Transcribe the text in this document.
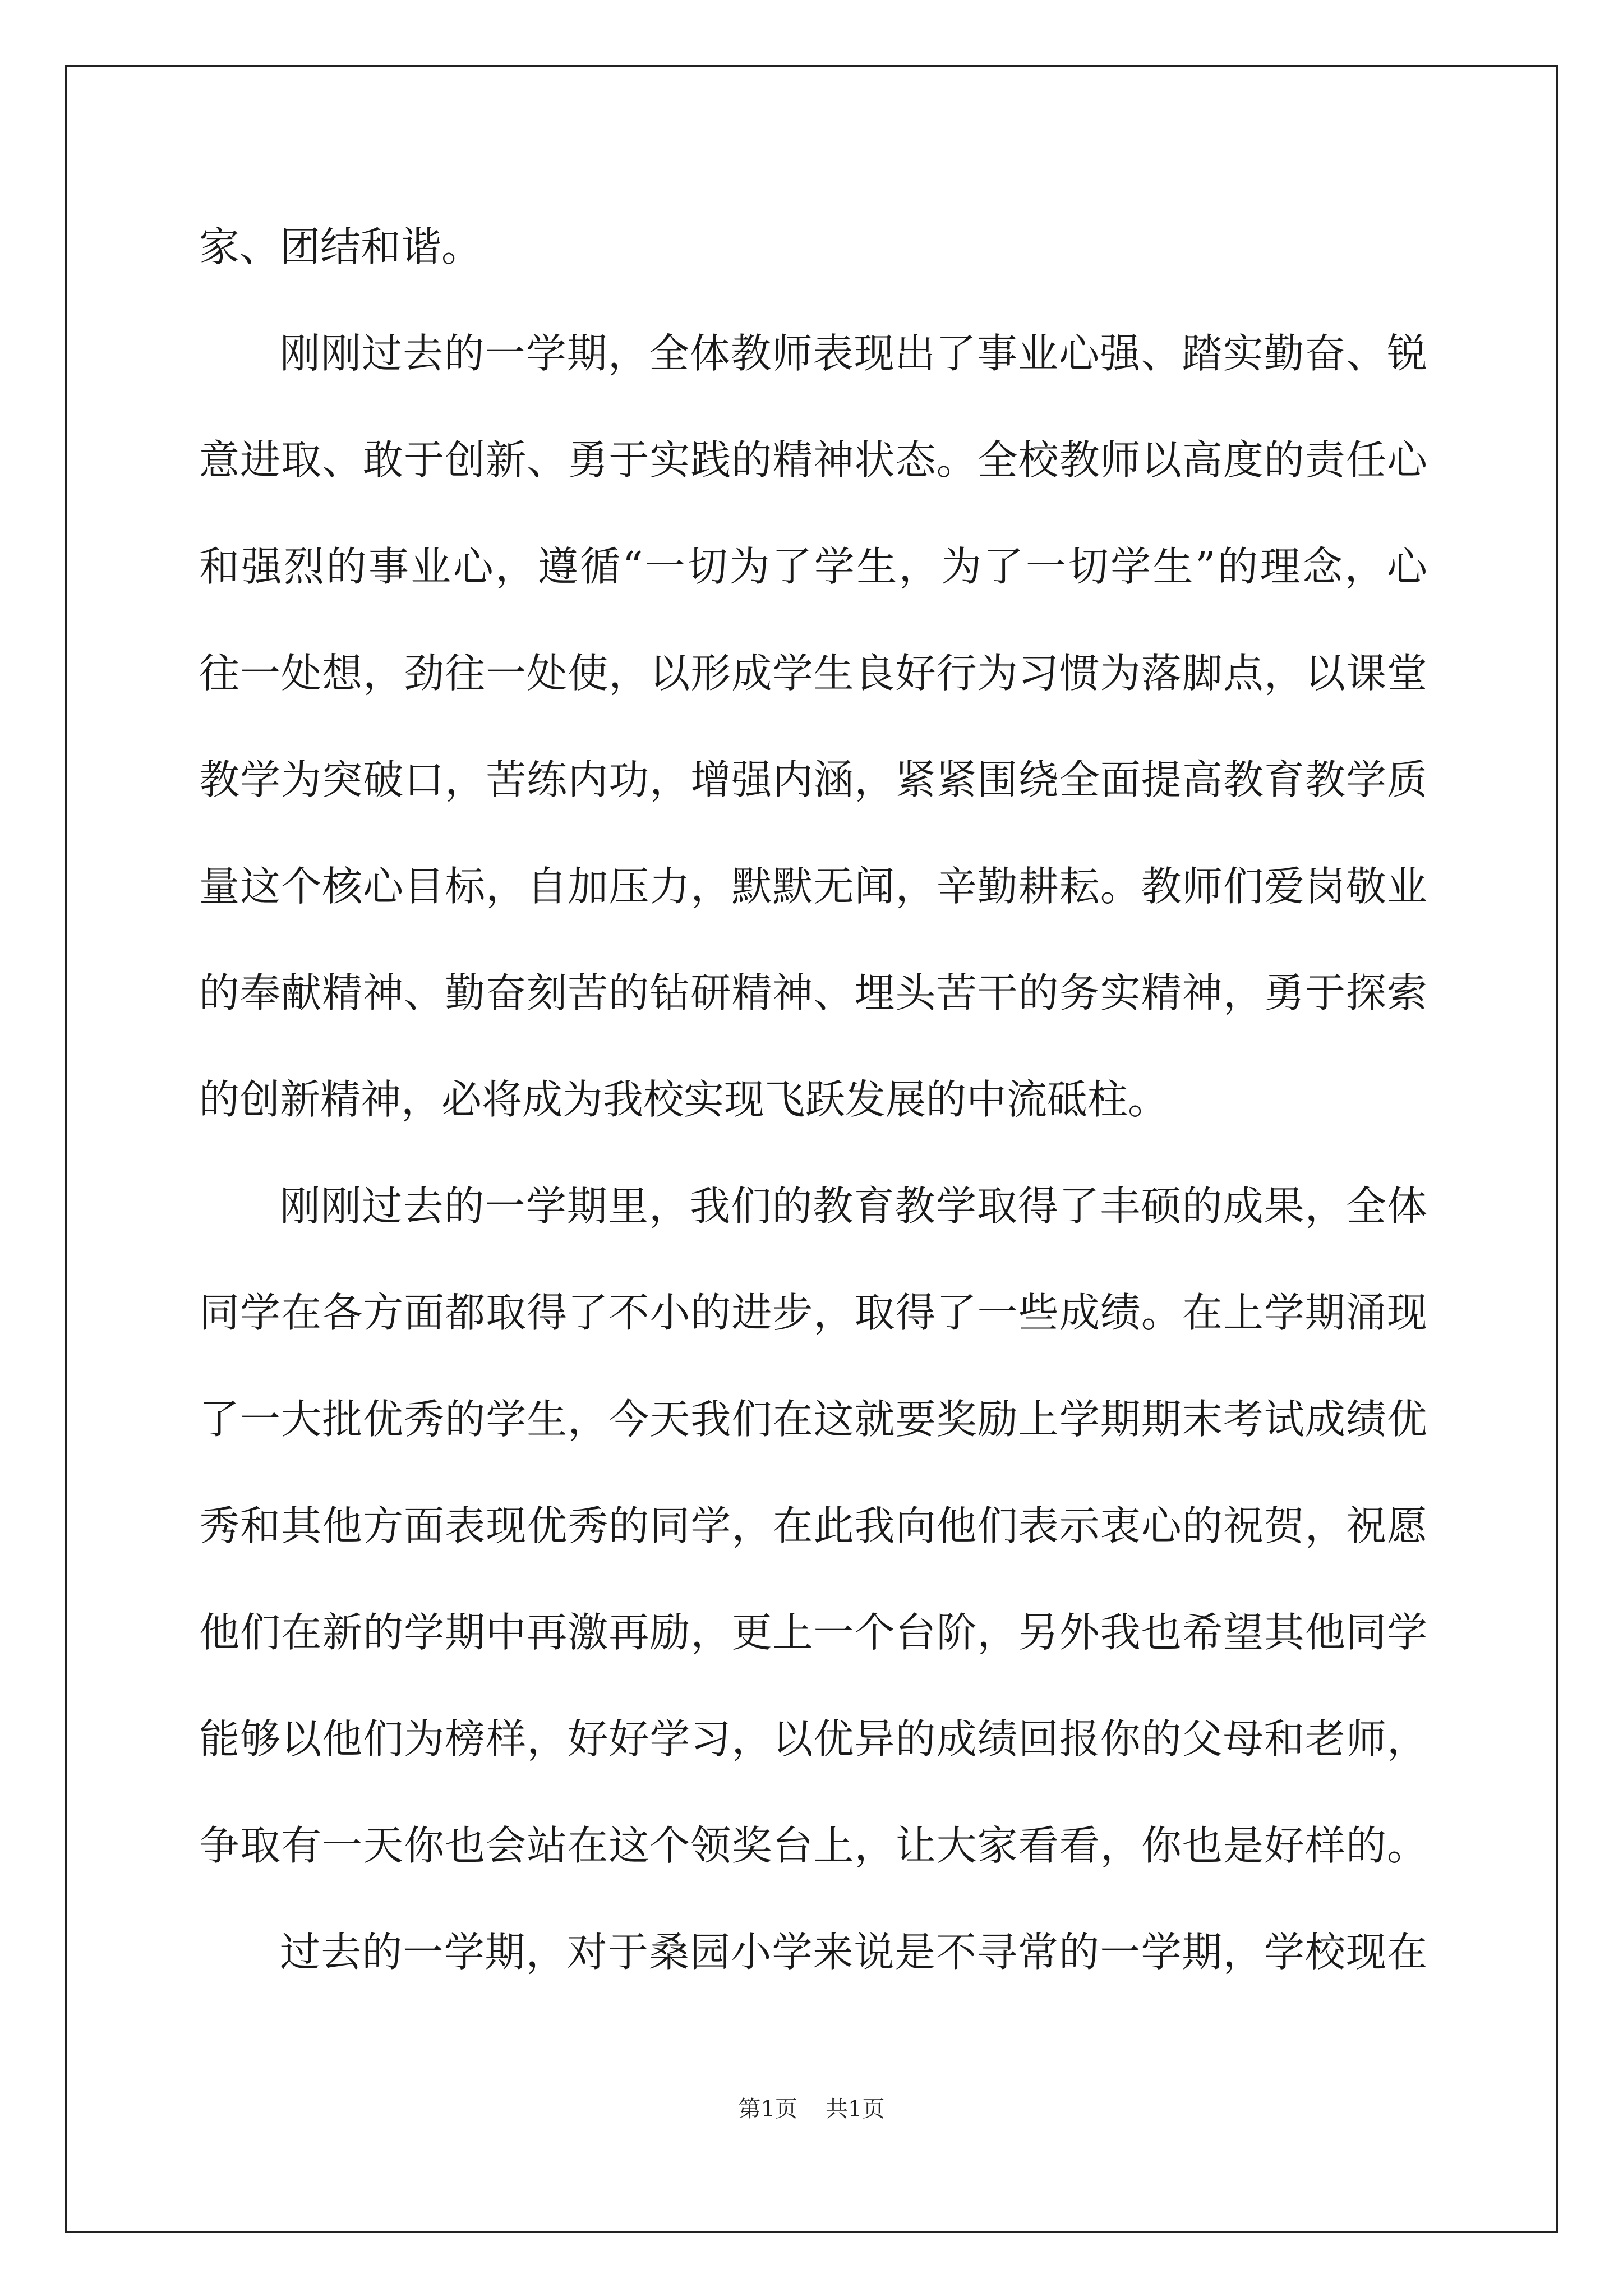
家、团结和谐。
刚刚过去的一学期，全体教师表现出了事业心强、踏实勤奋、锐
意进取、敢于创新、勇于实践的精神状态。全校教师以高度的责任心
和强烈的事业心，遵循“一切为了学生，为了一切学生”的理念，心
往一处想，劲往一处使，以形成学生良好行为习惯为落脚点，以课堂
教学为突破口，苦练内功，增强内涵，紧紧围绕全面提高教育教学质
量这个核心目标，自加压力，默默无闻，辛勤耕耘。教师们爱岗敬业
的奉献精神、勤奋刻苦的钻研精神、埋头苦干的务实精神，勇于探索
的创新精神，必将成为我校实现飞跃发展的中流砥柱。
刚刚过去的一学期里，我们的教育教学取得了丰硕的成果，全体
同学在各方面都取得了不小的进步，取得了一些成绩。在上学期涌现
了一大批优秀的学生，今天我们在这就要奖励上学期期末考试成绩优
秀和其他方面表现优秀的同学，在此我向他们表示衷心的祝贺，祝愿
他们在新的学期中再激再励，更上一个台阶，另外我也希望其他同学
能够以他们为榜样，好好学习，以优异的成绩回报你的父母和老师，
争取有一天你也会站在这个领奖台上，让大家看看，你也是好样的。
过去的一学期，对于桑园小学来说是不寻常的一学期，学校现在
第1页 共1页
